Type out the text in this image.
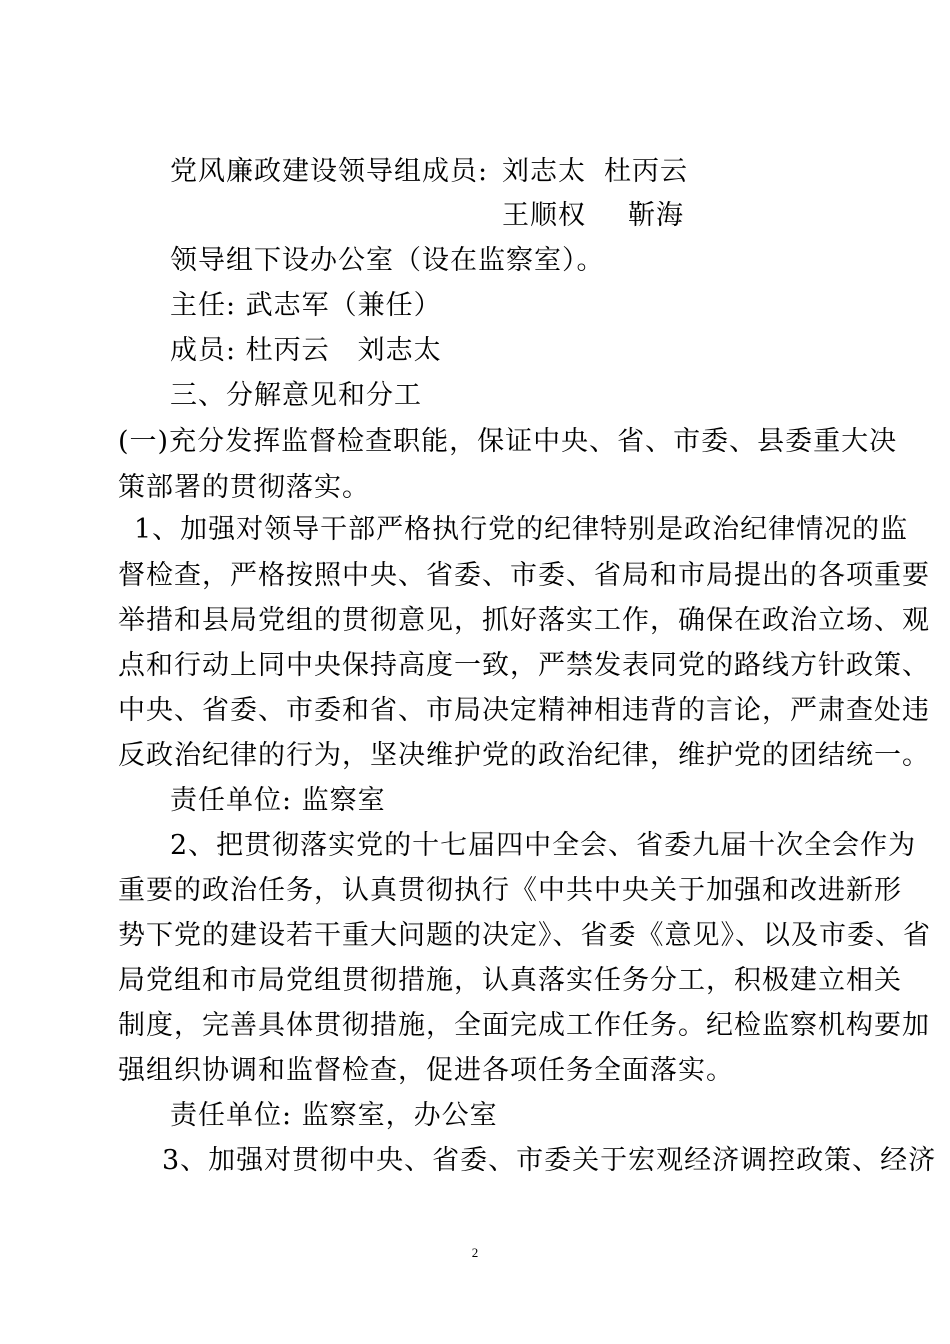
党风廉政建设领导组成员: 刘志太 杜丙云
王顺权 靳海
领导组下设办公室（设在监察室）。
主任: 武志军（兼任）
成员: 杜丙云　刘志太
三、分解意见和分工
(一)充分发挥监督检查职能，保证中央、省、市委、县委重大决
策部署的贯彻落实。
1、加强对领导干部严格执行党的纪律特别是政治纪律情况的监
督检查，严格按照中央、省委、市委、省局和市局提出的各项重要
举措和县局党组的贯彻意见，抓好落实工作，确保在政治立场、观
点和行动上同中央保持高度一致，严禁发表同党的路线方针政策、
中央、省委、市委和省、市局决定精神相违背的言论，严肃查处违
反政治纪律的行为，坚决维护党的政治纪律，维护党的团结统一。
责任单位: 监察室
2、把贯彻落实党的十七届四中全会、省委九届十次全会作为
重要的政治任务，认真贯彻执行《中共中央关于加强和改进新形
势下党的建设若干重大问题的决定》、省委《意见》、以及市委、省
局党组和市局党组贯彻措施，认真落实任务分工，积极建立相关
制度，完善具体贯彻措施，全面完成工作任务。纪检监察机构要加
强组织协调和监督检查，促进各项任务全面落实。
责任单位: 监察室，办公室
3、加强对贯彻中央、省委、市委关于宏观经济调控政策、经济
2
